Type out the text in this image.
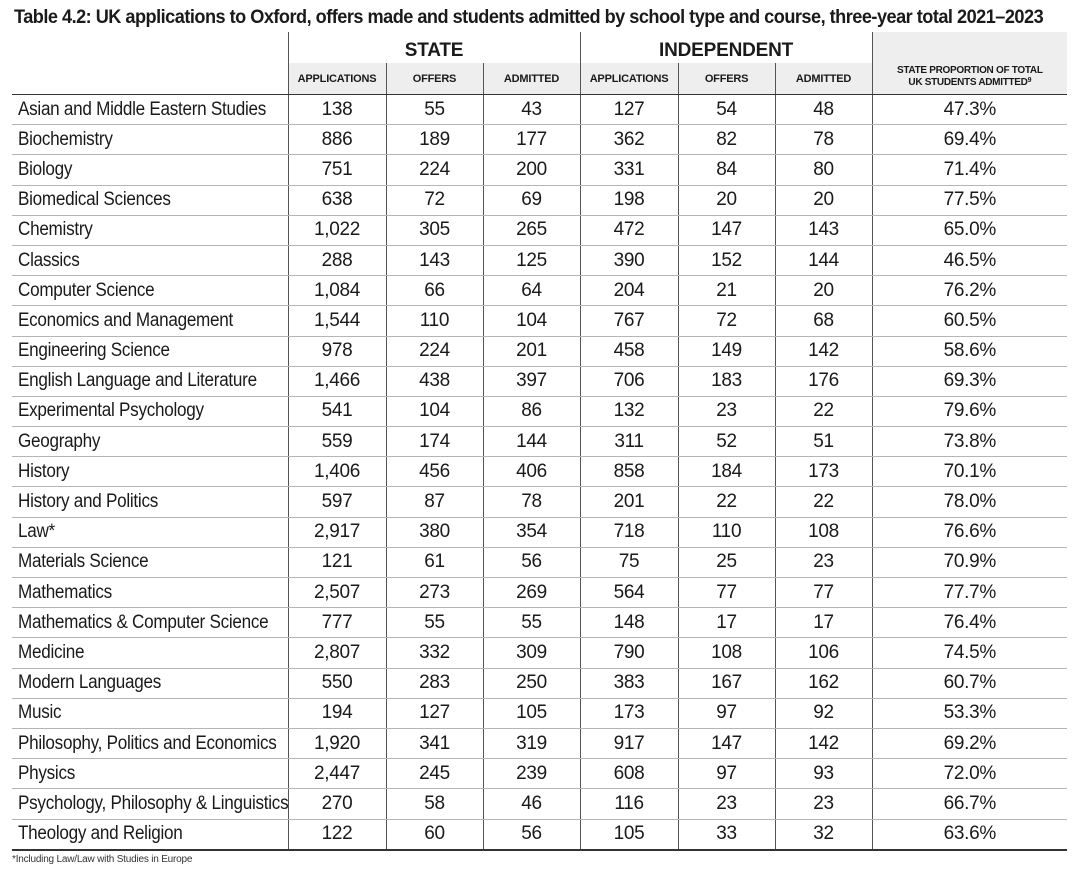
Table 4.2: UK applications to Oxford, offers made and students admitted by school type and course, three-year total 2021–2023
	STATE			INDEPENDENT			STATE PROPORTION OF TOTAL
UK STUDENTS ADMITTED$^9$
	APPLICATIONS	OFFERS	ADMITTED	APPLICATIONS	OFFERS	ADMITTED	
Asian and Middle Eastern Studies	138	55	43	127	54	48	47.3%
Biochemistry	886	189	177	362	82	78	69.4%
Biology	751	224	200	331	84	80	71.4%
Biomedical Sciences	638	72	69	198	20	20	77.5%
Chemistry	1,022	305	265	472	147	143	65.0%
Classics	288	143	125	390	152	144	46.5%
Computer Science	1,084	66	64	204	21	20	76.2%
Economics and Management	1,544	110	104	767	72	68	60.5%
Engineering Science	978	224	201	458	149	142	58.6%
English Language and Literature	1,466	438	397	706	183	176	69.3%
Experimental Psychology	541	104	86	132	23	22	79.6%
Geography	559	174	144	311	52	51	73.8%
History	1,406	456	406	858	184	173	70.1%
History and Politics	597	87	78	201	22	22	78.0%
Law*	2,917	380	354	718	110	108	76.6%
Materials Science	121	61	56	75	25	23	70.9%
Mathematics	2,507	273	269	564	77	77	77.7%
Mathematics & Computer Science	777	55	55	148	17	17	76.4%
Medicine	2,807	332	309	790	108	106	74.5%
Modern Languages	550	283	250	383	167	162	60.7%
Music	194	127	105	173	97	92	53.3%
Philosophy, Politics and Economics	1,920	341	319	917	147	142	69.2%
Physics	2,447	245	239	608	97	93	72.0%
Psychology, Philosophy & Linguistics	270	58	46	116	23	23	66.7%
Theology and Religion	122	60	56	105	33	32	63.6%
*Including Law/Law with Studies in Europe
